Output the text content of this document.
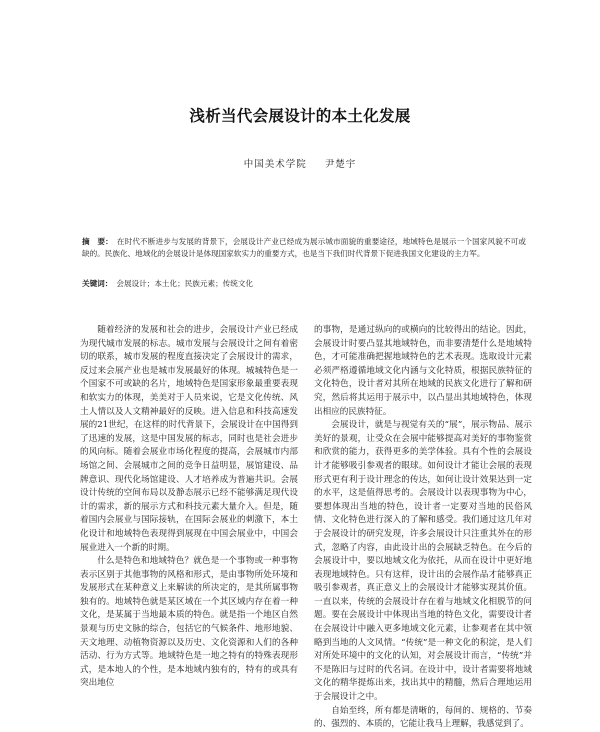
浅析当代会展设计的本土化发展
中国美术学院 尹楚宇
摘　要： 在时代不断进步与发展的背景下，会展设计产业已经成为展示城市面貌的重要途径，地域特色是展示一个国家风貌不可或缺的。民族化、地域化的会展设计是体现国家软实力的重要方式，也是当下我们时代背景下促进我国文化建设的主力军。
关键词： 会展设计；本土化；民族元素；传统文化

随着经济的发展和社会的进步，会展设计产业已经成为现代城市发展的标志。城市发展与会展设计之间有着密切的联系，城市发展的程度直接决定了会展设计的需求，反过来会展产业也是城市发展最好的体现。城城特色是一个国家不可或缺的名片，地域特色是国家形象最重要表现和软实力的体现，美美对于人员来说，它是文化传统、风土人情以及人文精神最好的反映。进入信息和科技高速发展的21世纪，在这样的时代背景下，会展设计在中国得到了迅速的发展，这是中国发展的标志，同时也是社会进步的风向标。随着会展业市场化程度的提高，会展城市内部场馆之间、会展城市之间的竞争日益明显，展馆建设、品牌意识、现代化场馆建设、人才培养成为普遍共识。会展设计传统的空间布局以及静态展示已经不能够满足现代设计的需求，新的展示方式和科技元素大量介入。但是，随着国内会展业与国际接轨，在国际会展业的刺激下，本土化设计和地域特色表现得到展现在中国会展业中，中国会展业进入一个新的时期。

什么是特色和地域特色？就色是一个事物或一种事物表示区别于其他事物的风格和形式，是由事物所处环境和发展形式在某种意义上来解读的所决定的，是其所属事物独有的。地域特色就是某区域在一个其区域内存在着一种文化，是某属于当地最本质的特色。就是指一个地区自然景观与历史文脉的综合，包括它的气候条件、地形地貌、天文地理、动植物资源以及历史、文化资源和人们的各种活动、行为方式等。地域特色是一地之特有的特殊表现形式，是本地人的个性，是本地域内独有的，特有的或具有突出地位

的事物，是通过纵向的或横向的比较得出的结论。因此，会展设计时要凸显其地域特色，而非要清楚什么是地域特色，才可能准确把握地域特色的艺术表现。选取设计元素必须严格遵循地域文化内涵与文化特质，根据民族特征的文化特色，设计者对其所在地域的民族文化进行了解和研究，然后将其运用于展示中，以凸显出其地域特色，体现出相应的民族特征。

会展设计，就是与视觉有关的“展”，展示物品、展示美好的景观，让受众在会展中能够提高对美好的事物鉴赏和欣赏的能力，获得更多的美学体验。具有个性的会展设计才能够吸引参观者的眼球。如何设计才能让会展的表现形式更有利于设计理念的传达，如何让设计效果达到一定的水平，这是值得思考的。会展设计以表现事物为中心，要想体现出当地的特色，设计者一定要对当地的民俗风情、文化特色进行深入的了解和感受。我们通过这几年对于会展设计的研究发现，许多会展设计只注重其外在的形式，忽略了内容，由此设计出的会展缺乏特色。在今后的会展设计中，要以地域文化为依托，从而在设计中更好地表现地域特色。只有这样，设计出的会展作品才能够真正吸引参观者，真正意义上的会展设计才能够实现其价值。一直以来，传统的会展设计存在着与地域文化相脱节的问题。要在会展设计中体现出当地的特色文化，需要设计者在会展设计中融入更多地域文化元素，让参观者在其中领略到当地的人文风情。“传统”是一种文化的积淀，是人们对所处环境中的文化的认知，对会展设计而言，“传统”并不是陈旧与过时的代名词。在设计中，设计者需要将地域文化的精华提炼出来，找出其中的精髓，然后合理地运用于会展设计之中。

自始至终，所有都是清晰的，每间的、规格的、节奏的、强烈的、本质的，它能让我马上理解，我感觉到了。
